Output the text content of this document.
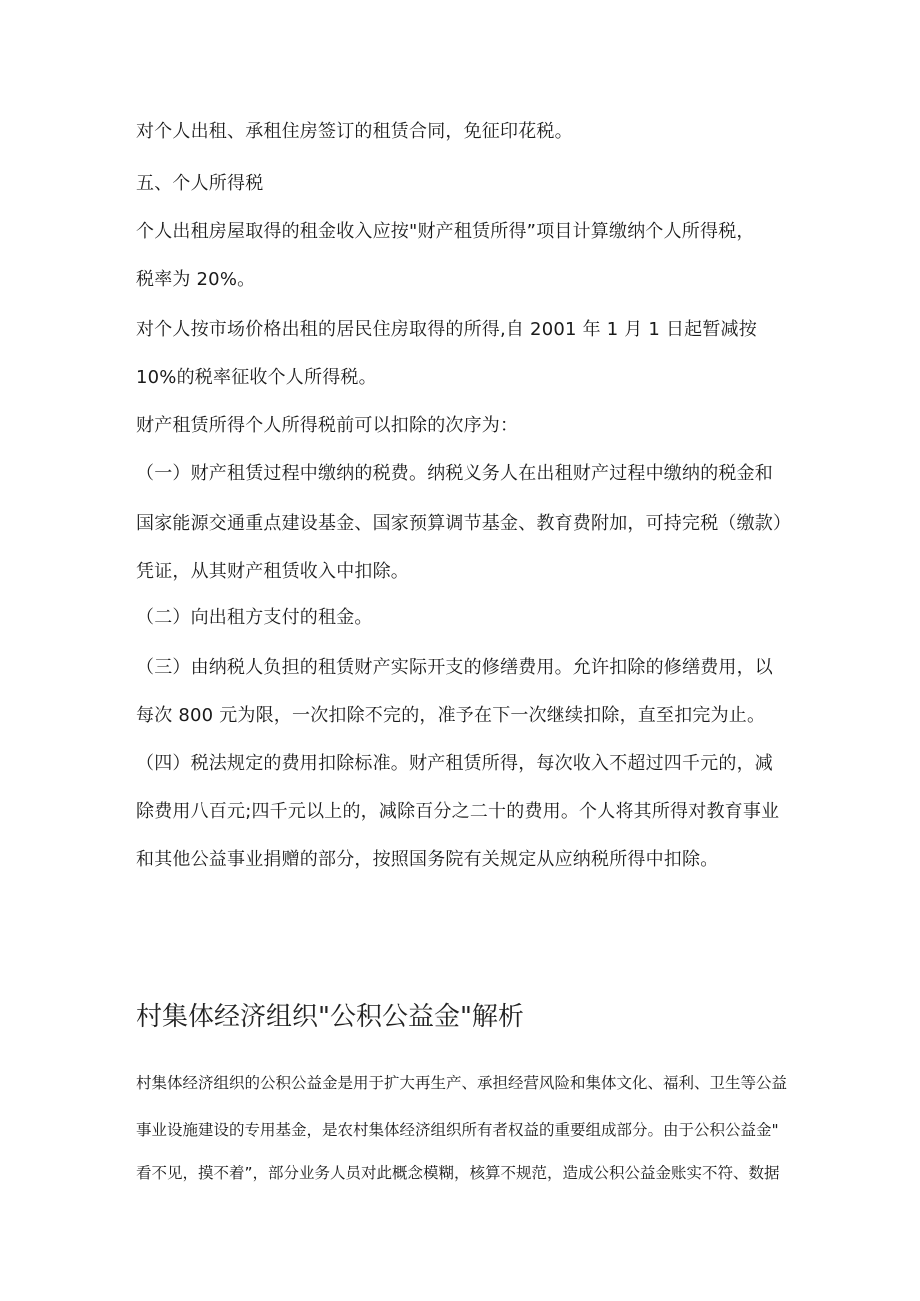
对个人出租、承租住房签订的租赁合同，免征印花税。
五、个人所得税
个人出租房屋取得的租金收入应按"财产租赁所得”项目计算缴纳个人所得税，
税率为 20%。
对个人按市场价格出租的居民住房取得的所得,自 2001 年 1 月 1 日起暂减按
10%的税率征收个人所得税。
财产租赁所得个人所得税前可以扣除的次序为：
（一）财产租赁过程中缴纳的税费。纳税义务人在出租财产过程中缴纳的税金和
国家能源交通重点建设基金、国家预算调节基金、教育费附加，可持完税（缴款）
凭证，从其财产租赁收入中扣除。
（二）向出租方支付的租金。
（三）由纳税人负担的租赁财产实际开支的修缮费用。允许扣除的修缮费用，以
每次 800 元为限，一次扣除不完的，准予在下一次继续扣除，直至扣完为止。
（四）税法规定的费用扣除标准。财产租赁所得，每次收入不超过四千元的，减
除费用八百元;四千元以上的，减除百分之二十的费用。个人将其所得对教育事业
和其他公益事业捐赠的部分，按照国务院有关规定从应纳税所得中扣除。
村集体经济组织"公积公益金"解析
村集体经济组织的公积公益金是用于扩大再生产、承担经营风险和集体文化、福利、卫生等公益
事业设施建设的专用基金，是农村集体经济组织所有者权益的重要组成部分。由于公积公益金"
看不见，摸不着”，部分业务人员对此概念模糊，核算不规范，造成公积公益金账实不符、数据
